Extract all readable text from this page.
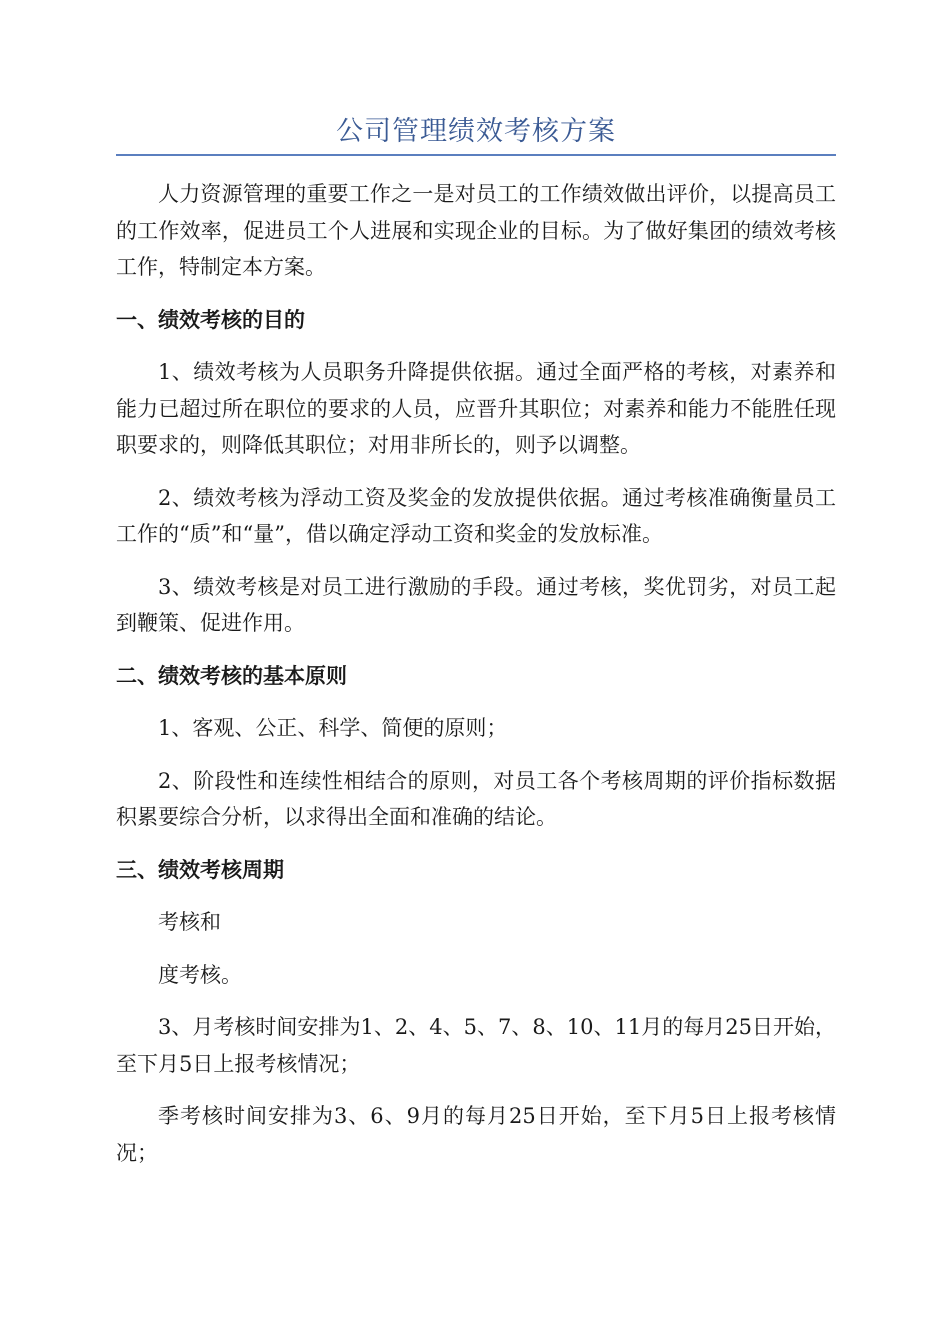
公司管理绩效考核方案

人力资源管理的重要工作之一是对员工的工作绩效做出评价，以提高员工的工作效率，促进员工个人进展和实现企业的目标。为了做好集团的绩效考核工作，特制定本方案。

一、绩效考核的目的

1、绩效考核为人员职务升降提供依据。通过全面严格的考核，对素养和能力已超过所在职位的要求的人员，应晋升其职位；对素养和能力不能胜任现职要求的，则降低其职位；对用非所长的，则予以调整。

2、绩效考核为浮动工资及奖金的发放提供依据。通过考核准确衡量员工工作的“质”和“量”，借以确定浮动工资和奖金的发放标准。

3、绩效考核是对员工进行激励的手段。通过考核，奖优罚劣，对员工起到鞭策、促进作用。

二、绩效考核的基本原则

1、客观、公正、科学、简便的原则；

2、阶段性和连续性相结合的原则，对员工各个考核周期的评价指标数据积累要综合分析，以求得出全面和准确的结论。

三、绩效考核周期

考核和

度考核。

3、月考核时间安排为1、2、4、5、7、8、10、11月的每月25日开始，至下月5日上报考核情况；

季考核时间安排为3、6、9月的每月25日开始，至下月5日上报考核情况；
